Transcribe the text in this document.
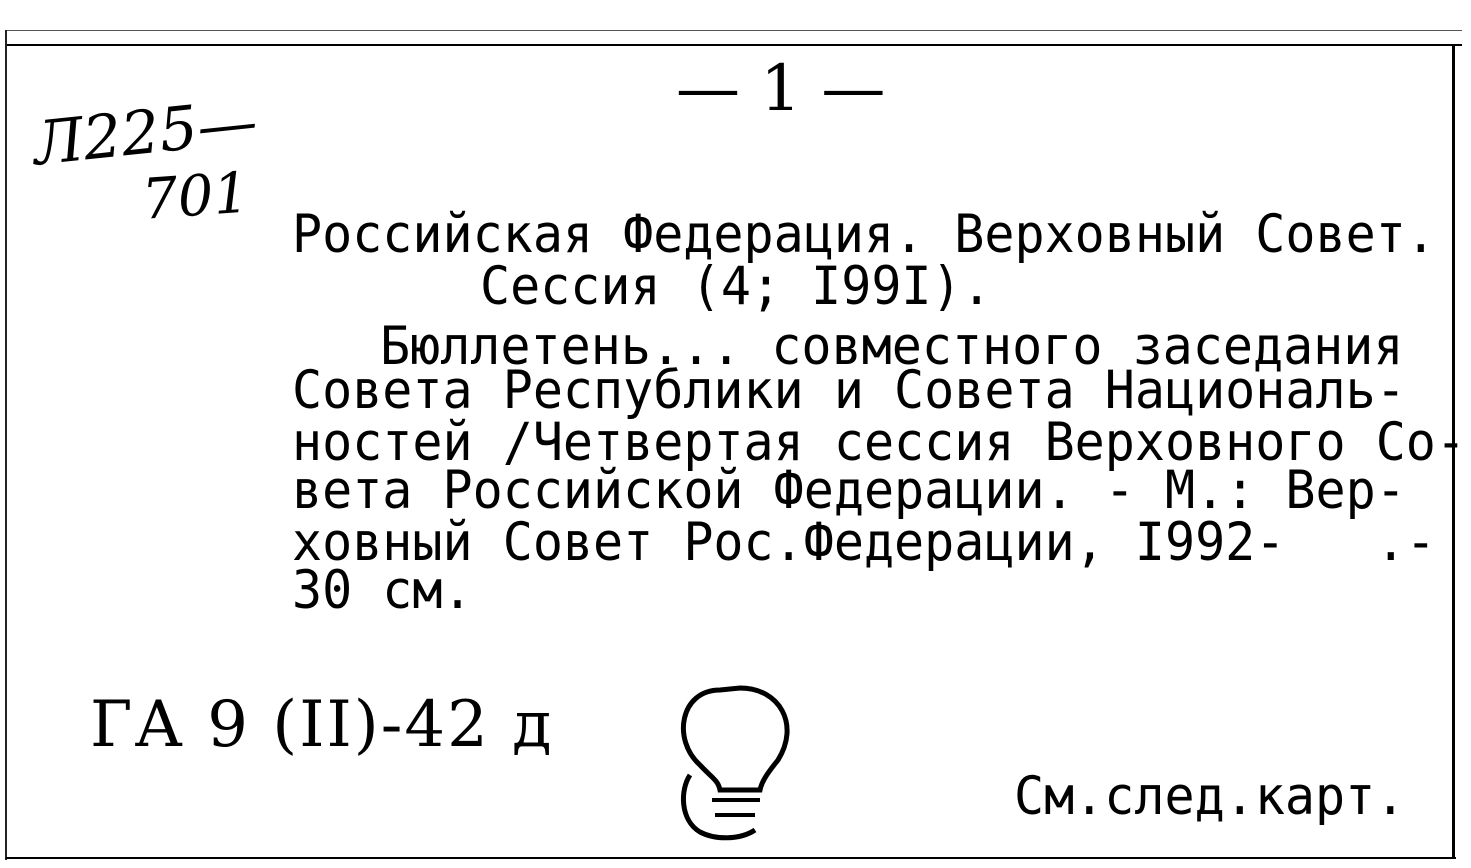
— 1 —
Л225—
701
Российская Федерация. Верховный Совет.
Сессия (4; I99I).
Бюллетень... совместного заседания
Совета Республики и Совета Националь-
ностей /Четвертая сессия Верховного Со-
вета Российской Федерации. - М.: Вер-
ховный Совет Рос.Федерации, I992-   .-
30 см.
ГА 9 (II)-42 д
См.след.карт.
